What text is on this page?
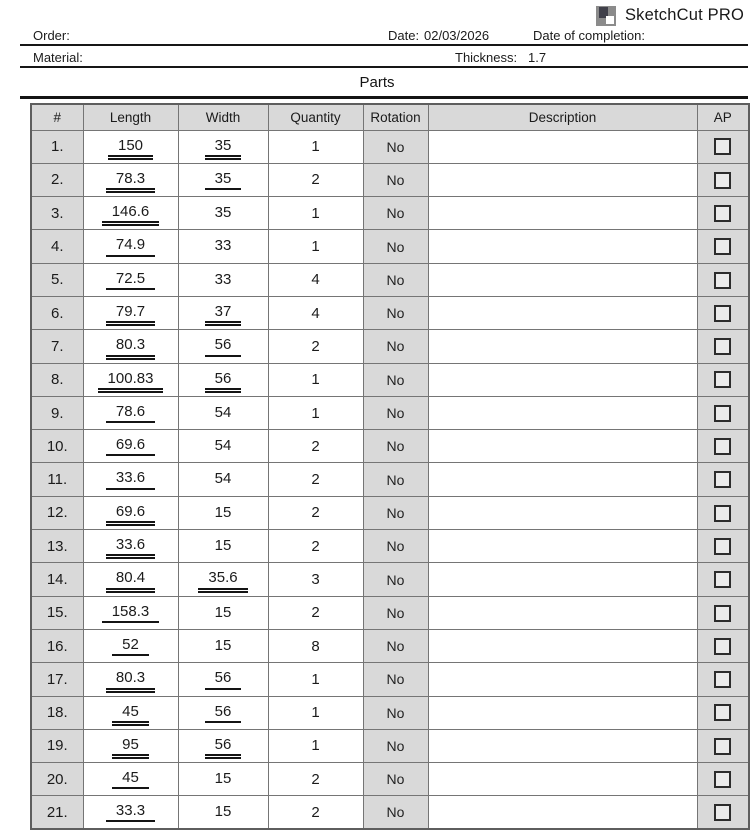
SketchCut PRO
Order:	Date: 02/03/2026	Date of completion:
Material:	Thickness: 1.7
Parts
#	Length	Width	Quantity	Rotation	Description	AP
1.	150	35	1	No		
2.	78.3	35	2	No		
3.	146.6	35	1	No		
4.	74.9	33	1	No		
5.	72.5	33	4	No		
6.	79.7	37	4	No		
7.	80.3	56	2	No		
8.	100.83	56	1	No		
9.	78.6	54	1	No		
10.	69.6	54	2	No		
11.	33.6	54	2	No		
12.	69.6	15	2	No		
13.	33.6	15	2	No		
14.	80.4	35.6	3	No		
15.	158.3	15	2	No		
16.	52	15	8	No		
17.	80.3	56	1	No		
18.	45	56	1	No		
19.	95	56	1	No		
20.	45	15	2	No		
21.	33.3	15	2	No		
